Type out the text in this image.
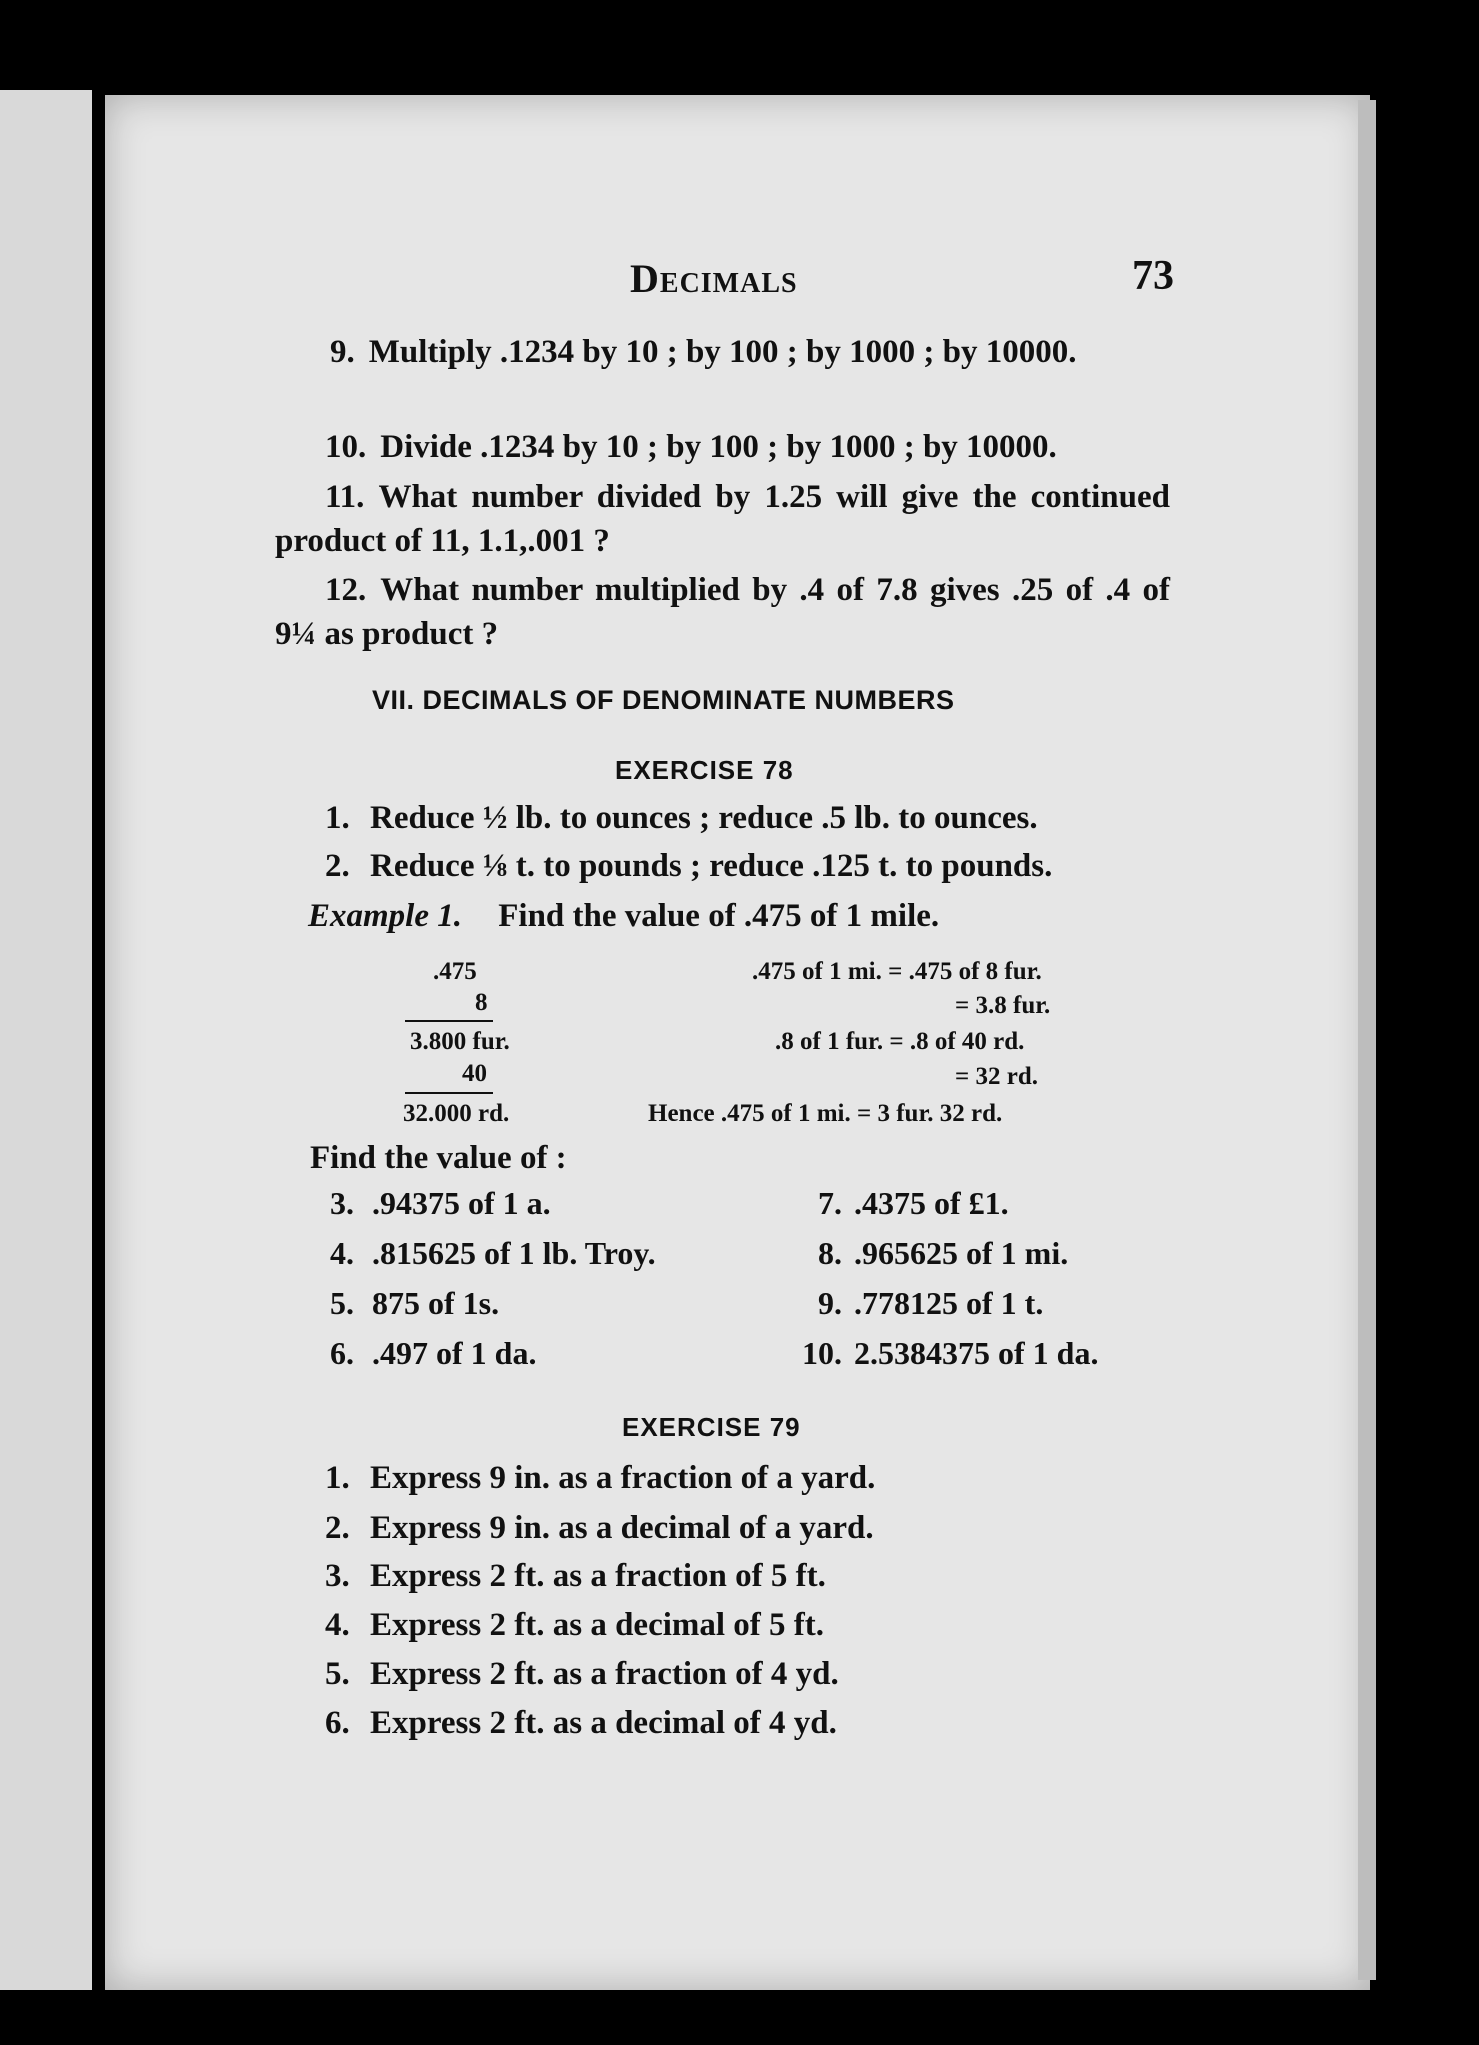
Decimals	73
9. Multiply .1234 by 10 ; by 100 ; by 1000 ; by 10000.
10. Divide .1234 by 10 ; by 100 ; by 1000 ; by 10000.
11. What number divided by 1.25 will give the continued product of 11, 1.1,.001 ?
12. What number multiplied by .4 of 7.8 gives .25 of .4 of 9¼ as product ?
VII. DECIMALS OF DENOMINATE NUMBERS
EXERCISE 78
1. Reduce ½ lb. to ounces ; reduce .5 lb. to ounces.
2. Reduce ⅛ t. to pounds ; reduce .125 t. to pounds.
Example 1. Find the value of .475 of 1 mile.
.475
8
3.800 fur.
40
32.000 rd.
.475 of 1 mi. = .475 of 8 fur.
= 3.8 fur.
.8 of 1 fur. = .8 of 40 rd.
= 32 rd.
Hence .475 of 1 mi. = 3 fur. 32 rd.
Find the value of :
3. .94375 of 1 a.
4. .815625 of 1 lb. Troy.
5. 875 of 1s.
6. .497 of 1 da.
7. .4375 of £1.
8. .965625 of 1 mi.
9. .778125 of 1 t.
10. 2.5384375 of 1 da.
EXERCISE 79
1. Express 9 in. as a fraction of a yard.
2. Express 9 in. as a decimal of a yard.
3. Express 2 ft. as a fraction of 5 ft.
4. Express 2 ft. as a decimal of 5 ft.
5. Express 2 ft. as a fraction of 4 yd.
6. Express 2 ft. as a decimal of 4 yd.
